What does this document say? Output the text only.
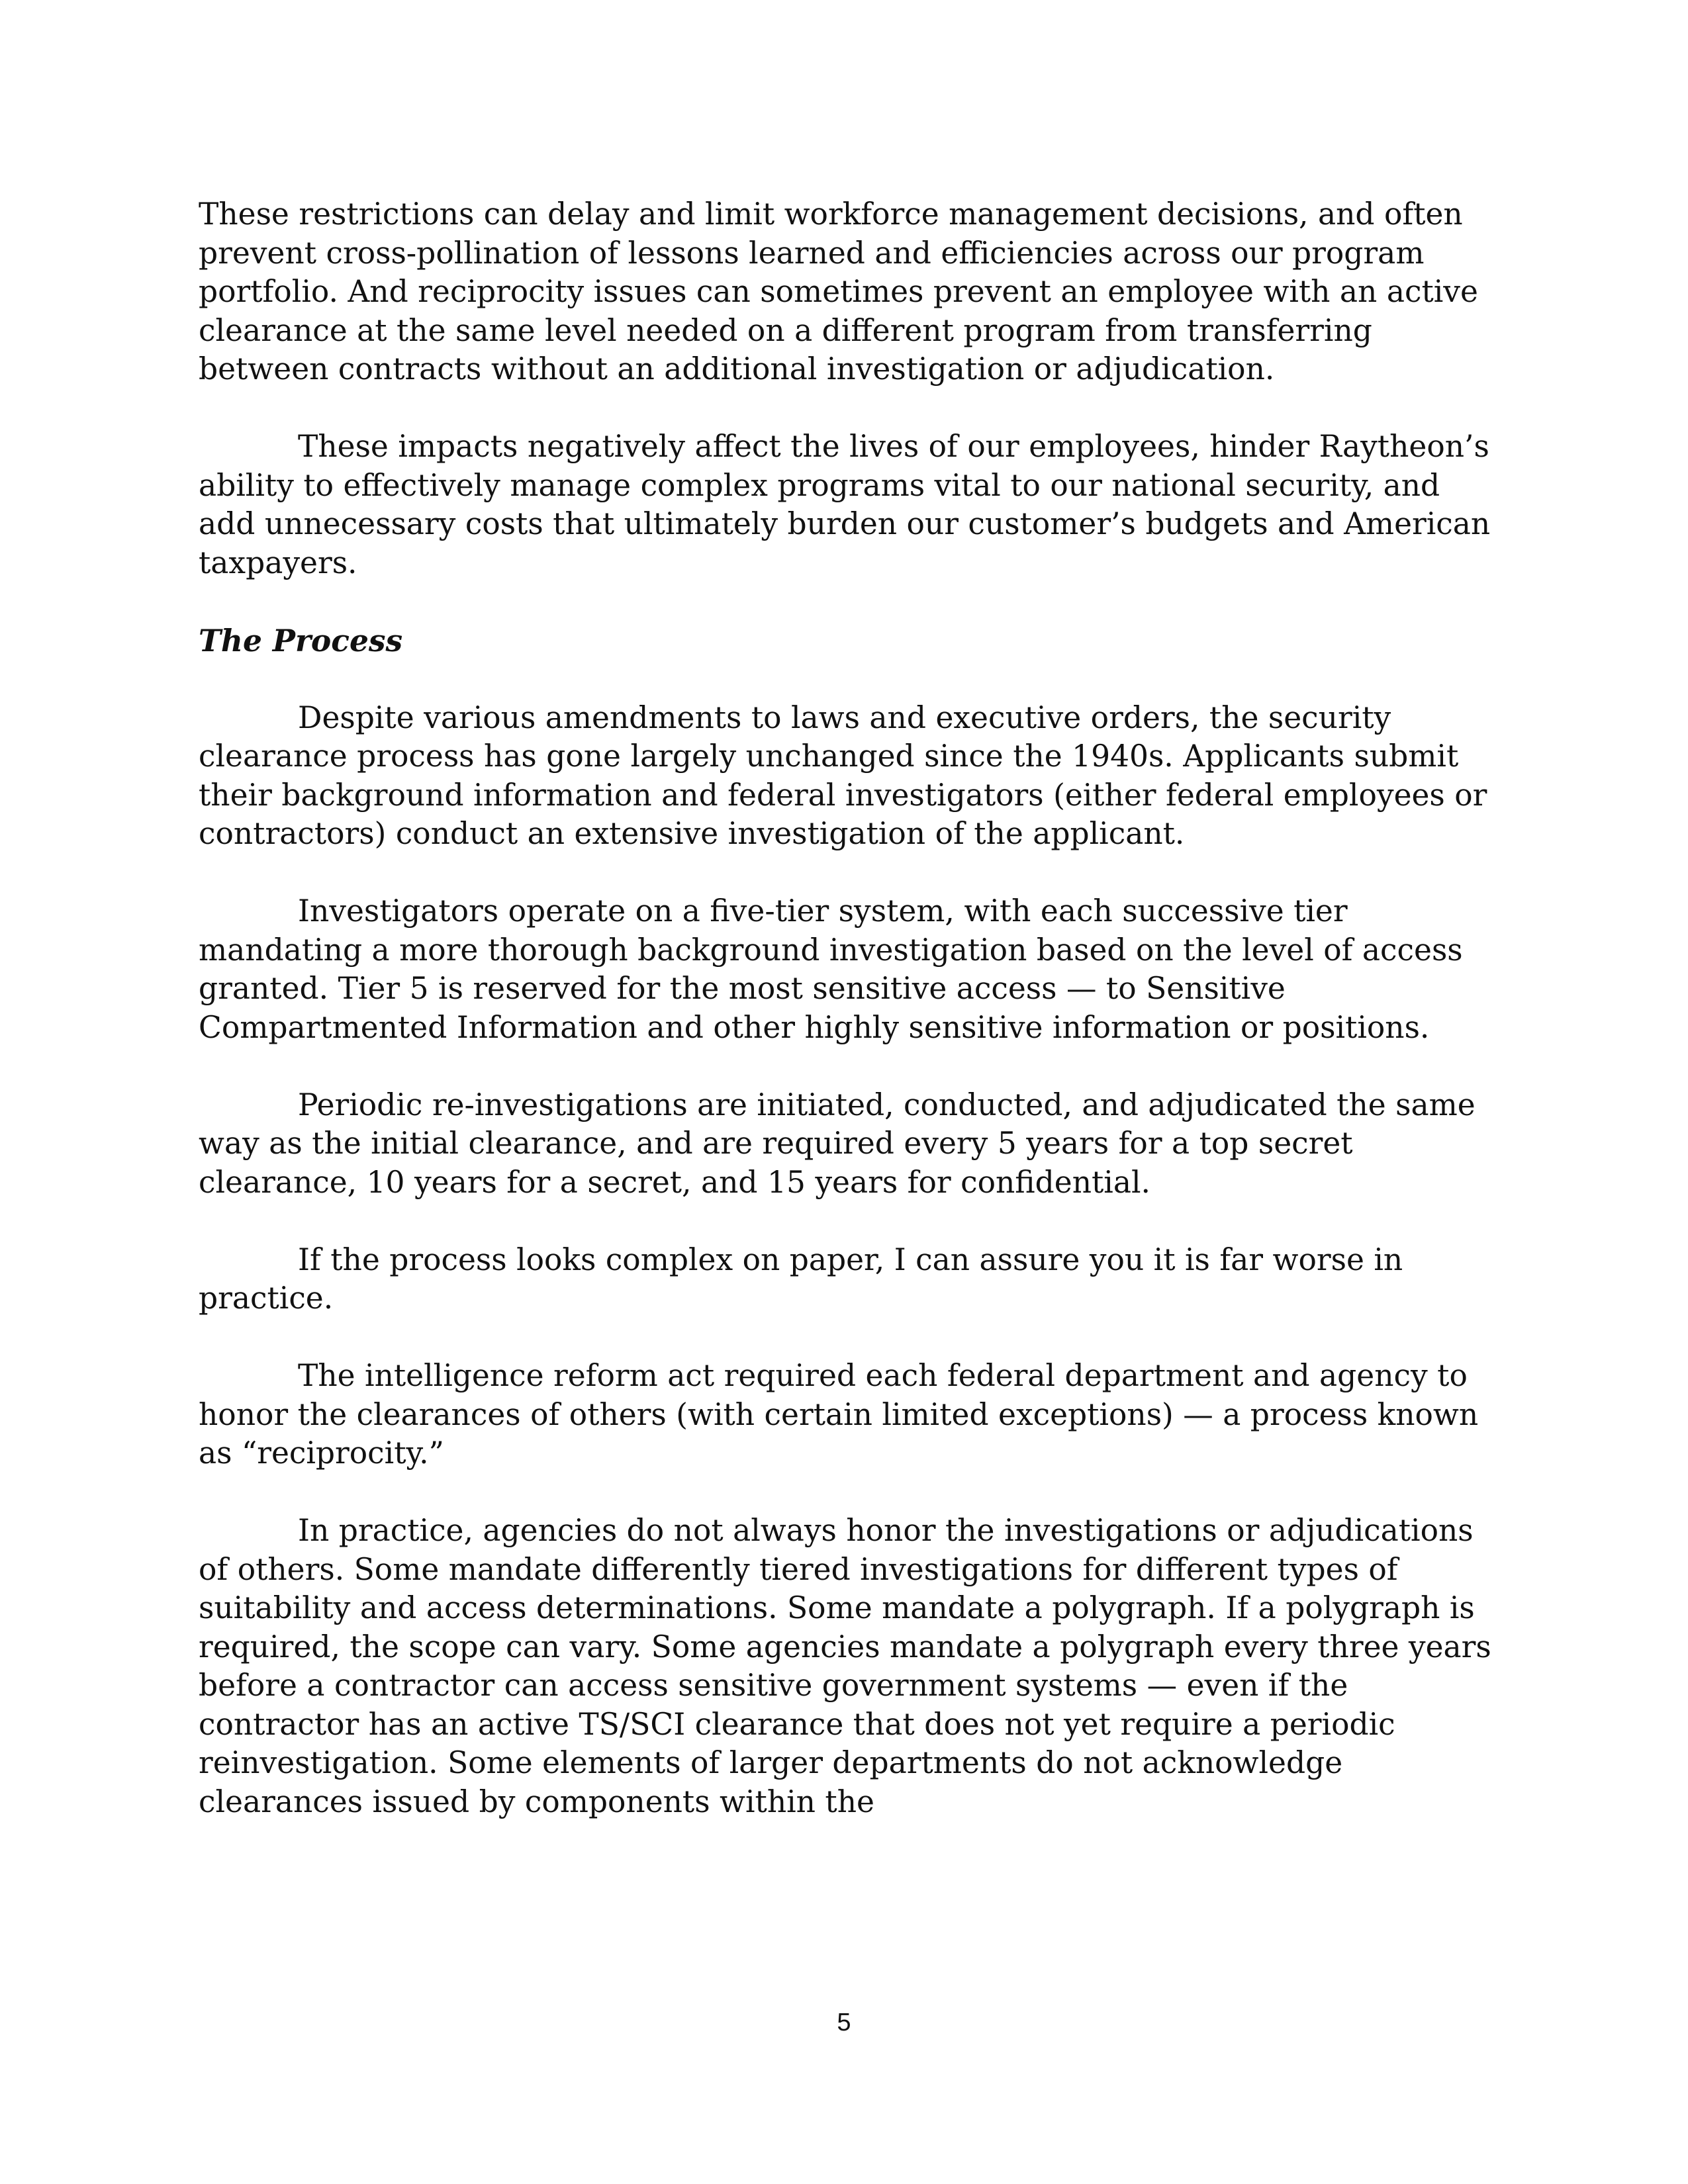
These restrictions can delay and limit workforce management decisions, and often prevent cross-pollination of lessons learned and efficiencies across our program portfolio. And reciprocity issues can sometimes prevent an employee with an active clearance at the same level needed on a different program from transferring between contracts without an additional investigation or adjudication.

These impacts negatively affect the lives of our employees, hinder Raytheon’s ability to effectively manage complex programs vital to our national security, and add unnecessary costs that ultimately burden our customer’s budgets and American taxpayers.

The Process

Despite various amendments to laws and executive orders, the security clearance process has gone largely unchanged since the 1940s. Applicants submit their background information and federal investigators (either federal employees or contractors) conduct an extensive investigation of the applicant.

Investigators operate on a five-tier system, with each successive tier mandating a more thorough background investigation based on the level of access granted. Tier 5 is reserved for the most sensitive access — to Sensitive Compartmented Information and other highly sensitive information or positions.

Periodic re-investigations are initiated, conducted, and adjudicated the same way as the initial clearance, and are required every 5 years for a top secret clearance, 10 years for a secret, and 15 years for confidential.

If the process looks complex on paper, I can assure you it is far worse in practice.

The intelligence reform act required each federal department and agency to honor the clearances of others (with certain limited exceptions) — a process known as “reciprocity.”

In practice, agencies do not always honor the investigations or adjudications of others. Some mandate differently tiered investigations for different types of suitability and access determinations. Some mandate a polygraph. If a polygraph is required, the scope can vary. Some agencies mandate a polygraph every three years before a contractor can access sensitive government systems — even if the contractor has an active TS/SCI clearance that does not yet require a periodic reinvestigation. Some elements of larger departments do not acknowledge clearances issued by components within the

5
